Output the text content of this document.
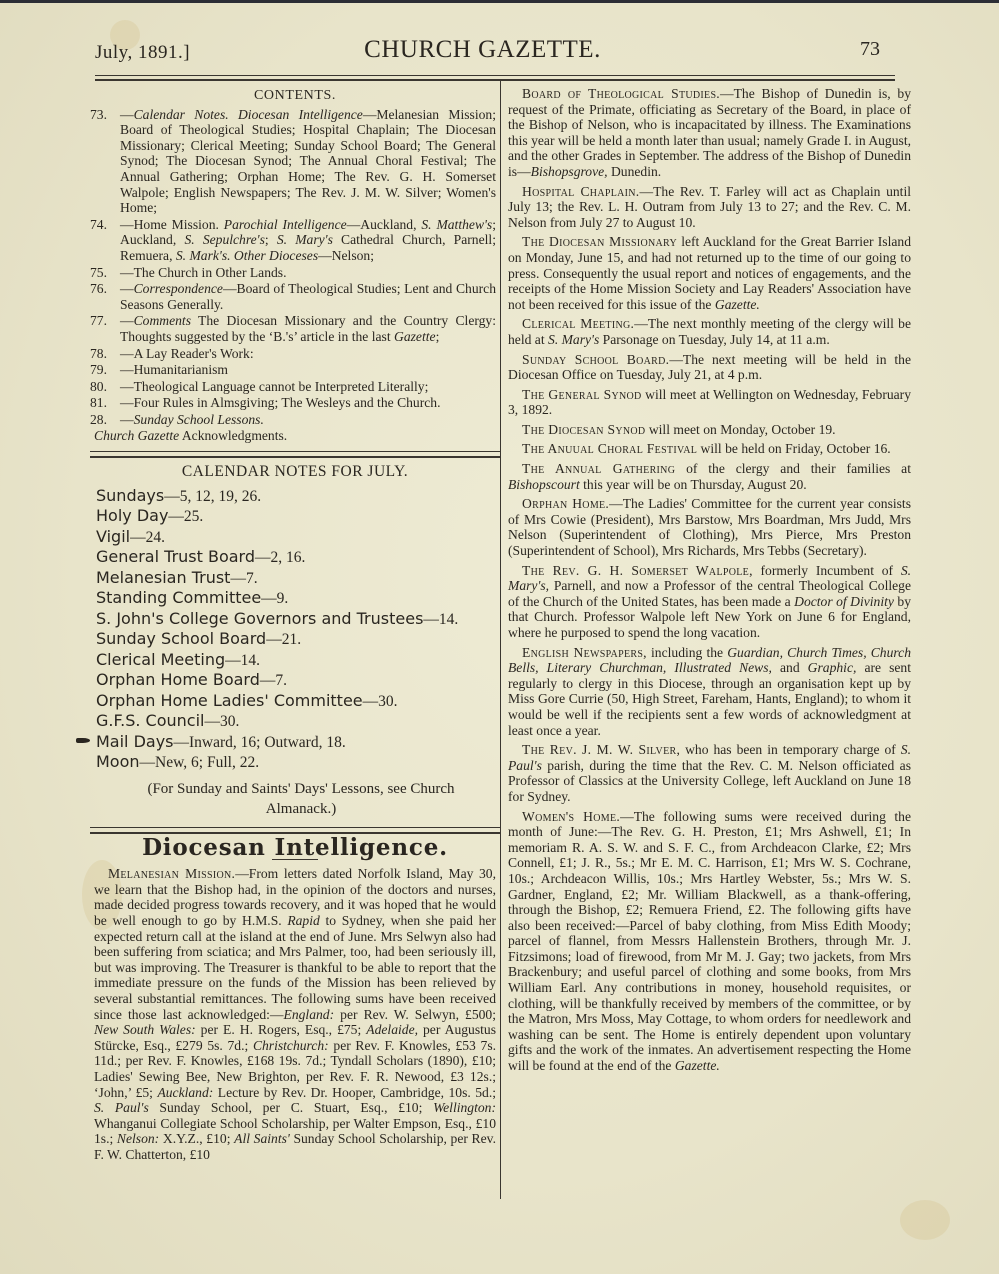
July, 1891.]	CHURCH GAZETTE.	73
CONTENTS.
73. —Calendar Notes. Diocesan Intelligence—Melanesian Mission; Board of Theological Studies; Hospital Chaplain; The Diocesan Missionary; Clerical Meeting; Sunday School Board; The General Synod; The Diocesan Synod; The Annual Choral Festival; The Annual Gathering; Orphan Home; The Rev. G. H. Somerset Walpole; English Newspapers; The Rev. J. M. W. Silver; Women's Home;
74. —Home Mission. Parochial Intelligence—Auckland, S. Matthew's; Auckland, S. Sepulchre's; S. Mary's Cathedral Church, Parnell; Remuera, S. Mark's. Other Dioceses—Nelson;
75. —The Church in Other Lands.
76. —Correspondence—Board of Theological Studies; Lent and Church Seasons Generally.
77. —Comments The Diocesan Missionary and the Country Clergy: Thoughts suggested by the ‘B.'s’ article in the last Gazette;
78. —A Lay Reader's Work:
79. —Humanitarianism
80. —Theological Language cannot be Interpreted Literally;
81. —Four Rules in Almsgiving; The Wesleys and the Church.
28. —Sunday School Lessons.
Church Gazette Acknowledgments.
CALENDAR NOTES FOR JULY.
Sundays—5, 12, 19, 26.
Holy Day—25.
Vigil—24.
General Trust Board—2, 16.
Melanesian Trust—7.
Standing Committee—9.
S. John's College Governors and Trustees—14.
Sunday School Board—21.
Clerical Meeting—14.
Orphan Home Board—7.
Orphan Home Ladies' Committee—30.
G.F.S. Council—30.
Mail Days—Inward, 16; Outward, 18.
Moon—New, 6; Full, 22.
(For Sunday and Saints' Days' Lessons, see Church Almanack.)
Diocesan Intelligence.

Melanesian Mission.—From letters dated Norfolk Island, May 30, we learn that the Bishop had, in the opinion of the doctors and nurses, made decided progress towards recovery, and it was hoped that he would be well enough to go by H.M.S. Rapid to Sydney, when she paid her expected return call at the island at the end of June. Mrs Selwyn also had been suffering from sciatica; and Mrs Palmer, too, had been seriously ill, but was improving. The Treasurer is thankful to be able to report that the immediate pressure on the funds of the Mission has been relieved by several substantial remittances. The following sums have been received since those last acknowledged:—England: per Rev. W. Selwyn, £500; New South Wales: per E. H. Rogers, Esq., £75; Adelaide, per Augustus Stürcke, Esq., £279 5s. 7d.; Christchurch: per Rev. F. Knowles, £53 7s. 11d.; per Rev. F. Knowles, £168 19s. 7d.; Tyndall Scholars (1890), £10; Ladies' Sewing Bee, New Brighton, per Rev. F. R. Newood, £3 12s.; ‘John,’ £5; Auckland: Lecture by Rev. Dr. Hooper, Cambridge, 10s. 5d.; S. Paul's Sunday School, per C. Stuart, Esq., £10; Wellington: Whanganui Collegiate School Scholarship, per Walter Empson, Esq., £10 1s.; Nelson: X.Y.Z., £10; All Saints' Sunday School Scholarship, per Rev. F. W. Chatterton, £10

Board of Theological Studies.—The Bishop of Dunedin is, by request of the Primate, officiating as Secretary of the Board, in place of the Bishop of Nelson, who is incapacitated by illness. The Examinations this year will be held a month later than usual; namely Grade I. in August, and the other Grades in September. The address of the Bishop of Dunedin is—Bishopsgrove, Dunedin.

Hospital Chaplain.—The Rev. T. Farley will act as Chaplain until July 13; the Rev. L. H. Outram from July 13 to 27; and the Rev. C. M. Nelson from July 27 to August 10.

The Diocesan Missionary left Auckland for the Great Barrier Island on Monday, June 15, and had not returned up to the time of our going to press. Consequently the usual report and notices of engagements, and the receipts of the Home Mission Society and Lay Readers' Association have not been received for this issue of the Gazette.

Clerical Meeting.—The next monthly meeting of the clergy will be held at S. Mary's Parsonage on Tuesday, July 14, at 11 a.m.

Sunday School Board.—The next meeting will be held in the Diocesan Office on Tuesday, July 21, at 4 p.m.

The General Synod will meet at Wellington on Wednesday, February 3, 1892.

The Diocesan Synod will meet on Monday, October 19.

The Anuual Choral Festival will be held on Friday, October 16.

The Annual Gathering of the clergy and their families at Bishopscourt this year will be on Thursday, August 20.

Orphan Home.—The Ladies' Committee for the current year consists of Mrs Cowie (President), Mrs Barstow, Mrs Boardman, Mrs Judd, Mrs Nelson (Superintendent of Clothing), Mrs Pierce, Mrs Preston (Superintendent of School), Mrs Richards, Mrs Tebbs (Secretary).

The Rev. G. H. Somerset Walpole, formerly Incumbent of S. Mary's, Parnell, and now a Professor of the central Theological College of the Church of the United States, has been made a Doctor of Divinity by that Church. Professor Walpole left New York on June 6 for England, where he purposed to spend the long vacation.

English Newspapers, including the Guardian, Church Times, Church Bells, Literary Churchman, Illustrated News, and Graphic, are sent regularly to clergy in this Diocese, through an organisation kept up by Miss Gore Currie (50, High Street, Fareham, Hants, England); to whom it would be well if the recipients sent a few words of acknowledgment at least once a year.

The Rev. J. M. W. Silver, who has been in temporary charge of S. Paul's parish, during the time that the Rev. C. M. Nelson officiated as Professor of Classics at the University College, left Auckland on June 18 for Sydney.

Women's Home.—The following sums were received during the month of June:—The Rev. G. H. Preston, £1; Mrs Ashwell, £1; In memoriam R. A. S. W. and S. F. C., from Archdeacon Clarke, £2; Mrs Connell, £1; J. R., 5s.; Mr E. M. C. Harrison, £1; Mrs W. S. Cochrane, 10s.; Archdeacon Willis, 10s.; Mrs Hartley Webster, 5s.; Mrs W. S. Gardner, England, £2; Mr. William Blackwell, as a thank-offering, through the Bishop, £2; Remuera Friend, £2. The following gifts have also been received:—Parcel of baby clothing, from Miss Edith Moody; parcel of flannel, from Messrs Hallenstein Brothers, through Mr. J. Fitzsimons; load of firewood, from Mr M. J. Gay; two jackets, from Mrs Brackenbury; and useful parcel of clothing and some books, from Mrs William Earl. Any contributions in money, household requisites, or clothing, will be thankfully received by members of the committee, or by the Matron, Mrs Moss, May Cottage, to whom orders for needlework and washing can be sent. The Home is entirely dependent upon voluntary gifts and the work of the inmates. An advertisement respecting the Home will be found at the end of the Gazette.
